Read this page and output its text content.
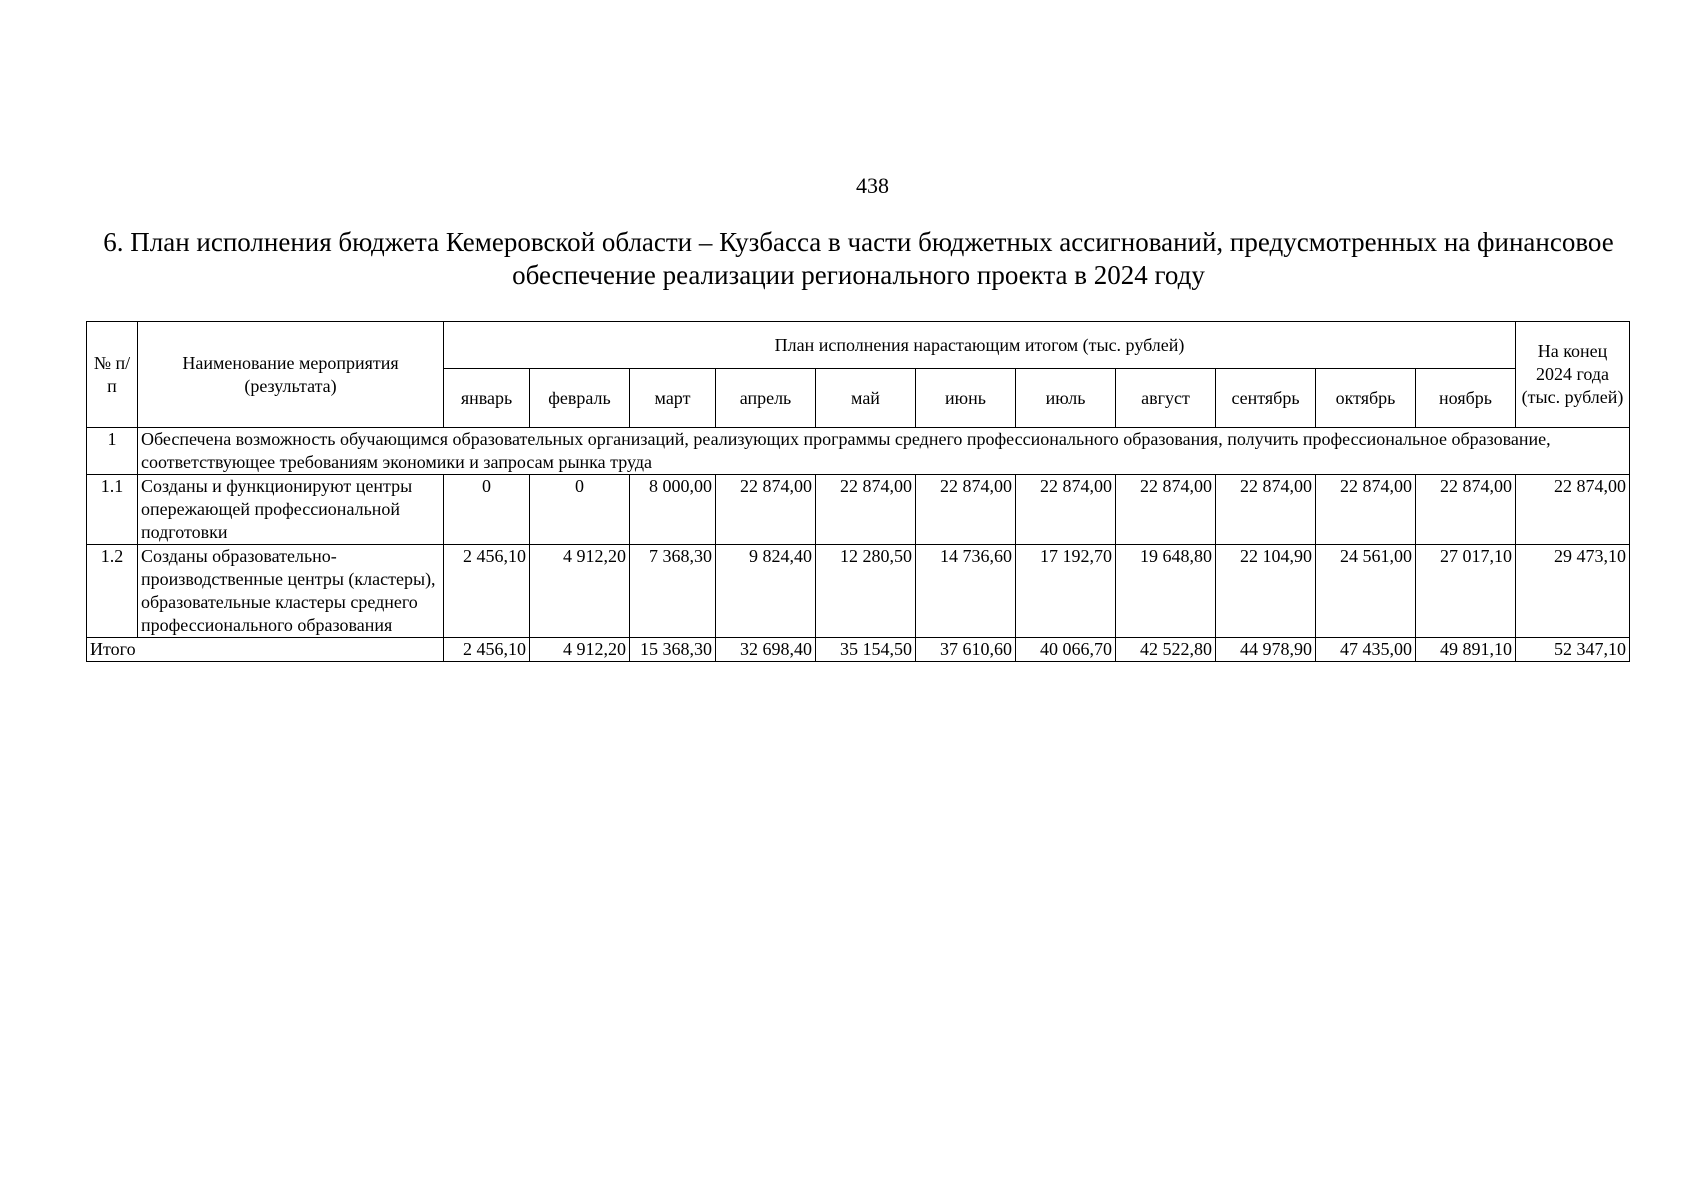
438
6. План исполнения бюджета Кемеровской области – Кузбасса в части бюджетных ассигнований, предусмотренных на финансовое обеспечение реализации регионального проекта в 2024 году
№ п/п	Наименование мероприятия (результата)	План исполнения нарастающим итогом (тыс. рублей)											На конец 2024 года (тыс. рублей)
		январь	февраль	март	апрель	май	июнь	июль	август	сентябрь	октябрь	ноябрь	
1	Обеспечена возможность обучающимся образовательных организаций, реализующих программы среднего профессионального образования, получить профессиональное образование, соответствующее требованиям экономики и запросам рынка труда												
1.1	Созданы и функционируют центры опережающей профессиональной подготовки	0	0	8 000,00	22 874,00	22 874,00	22 874,00	22 874,00	22 874,00	22 874,00	22 874,00	22 874,00	22 874,00
1.2	Созданы образовательно-производственные центры (кластеры), образовательные кластеры среднего профессионального образования	2 456,10	4 912,20	7 368,30	9 824,40	12 280,50	14 736,60	17 192,70	19 648,80	22 104,90	24 561,00	27 017,10	29 473,10
Итого		2 456,10	4 912,20	15 368,30	32 698,40	35 154,50	37 610,60	40 066,70	42 522,80	44 978,90	47 435,00	49 891,10	52 347,10
